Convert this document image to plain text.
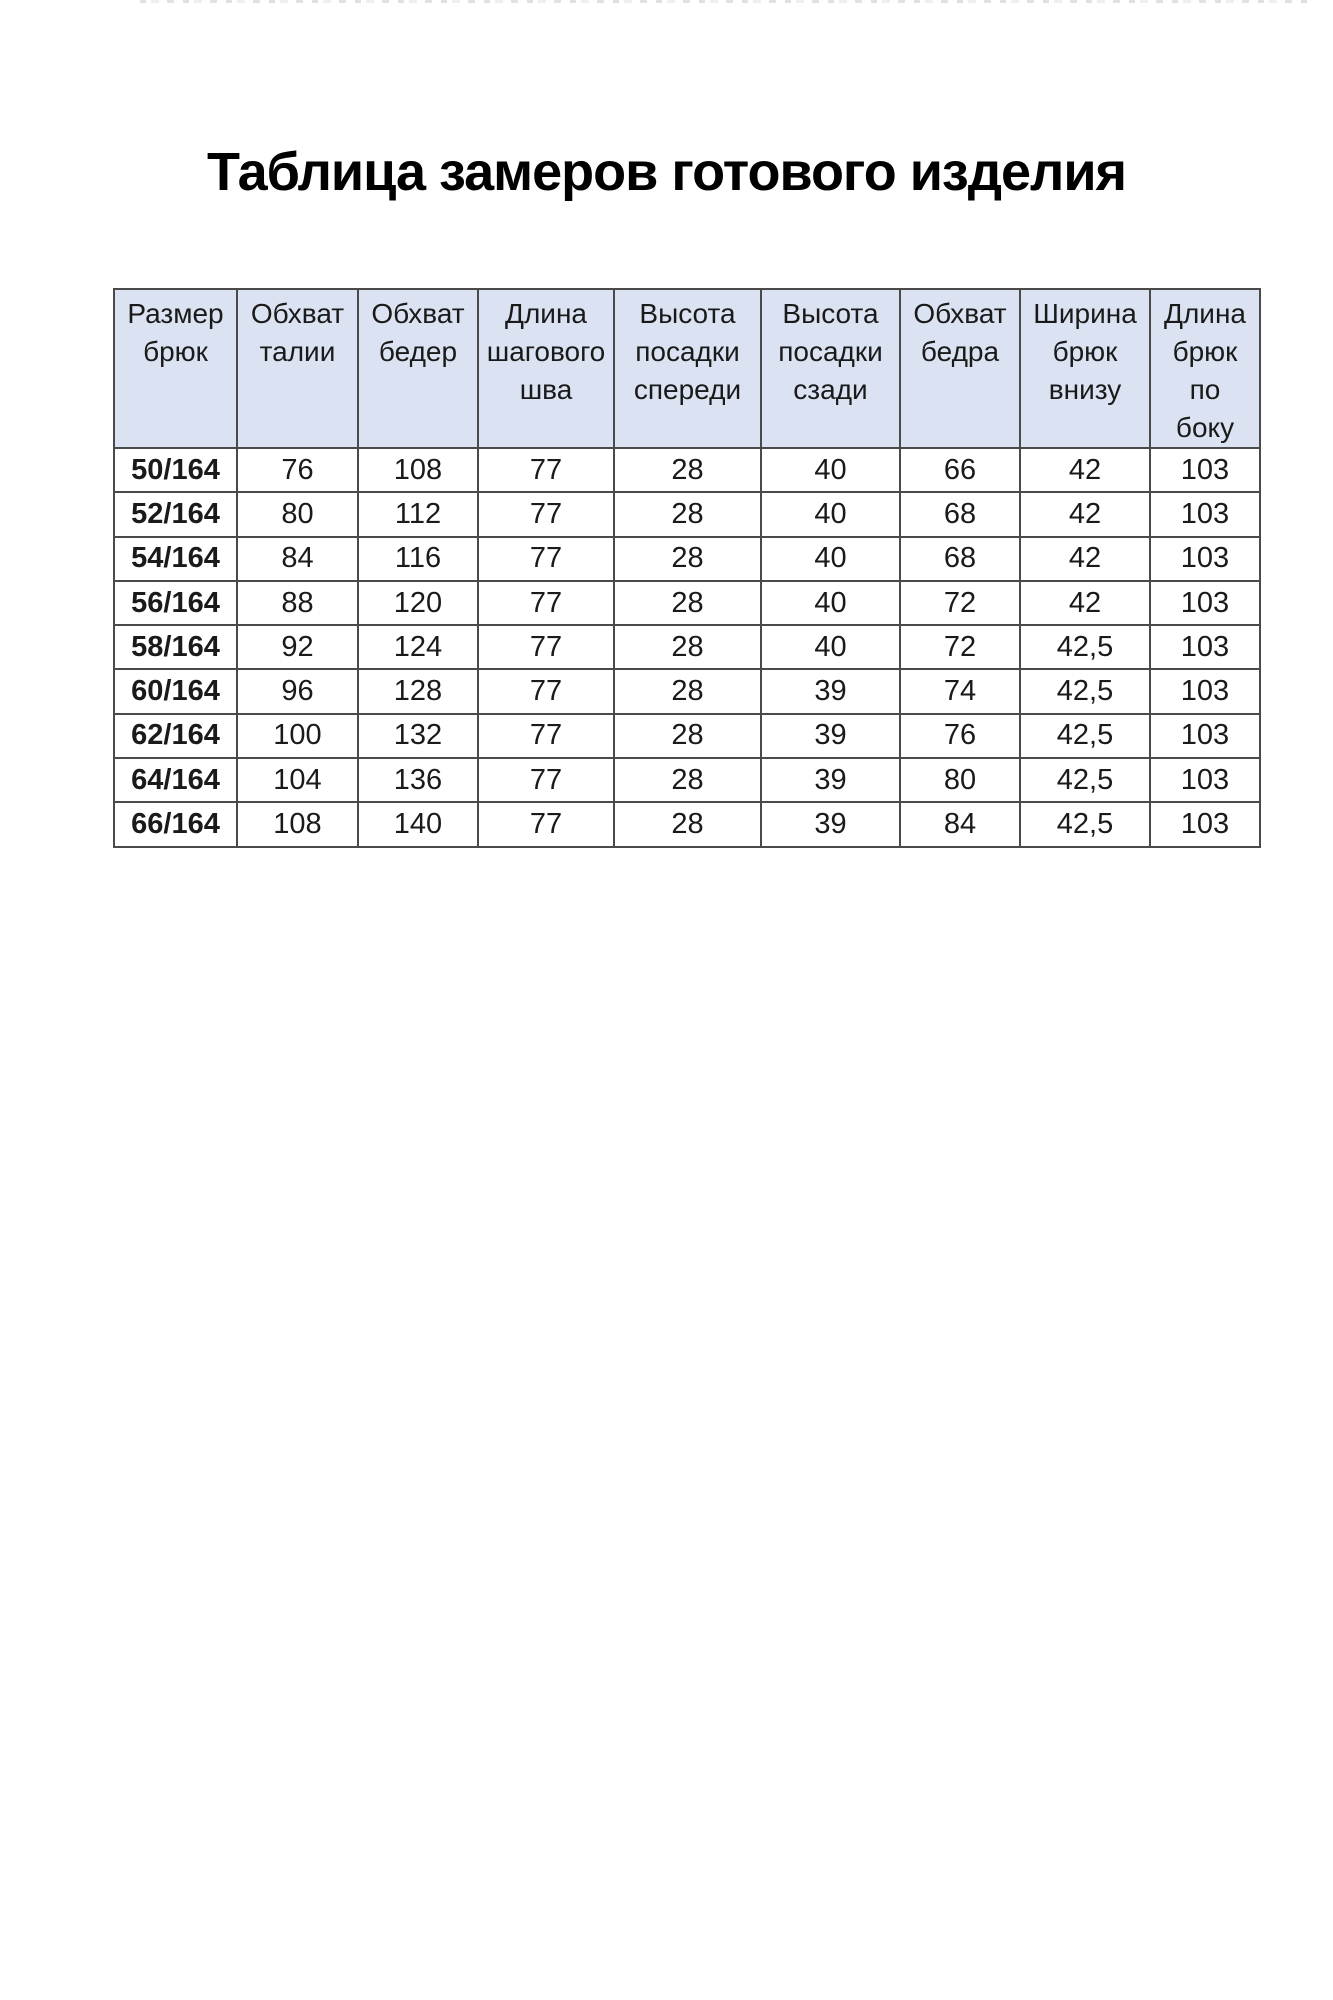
Таблица замеров готового изделия
Размер брюк	Обхват талии	Обхват бедер	Длина шагового шва	Высота посадки спереди	Высота посадки сзади	Обхват бедра	Ширина брюк внизу	Длина брюк по боку
50/164	76	108	77	28	40	66	42	103
52/164	80	112	77	28	40	68	42	103
54/164	84	116	77	28	40	68	42	103
56/164	88	120	77	28	40	72	42	103
58/164	92	124	77	28	40	72	42,5	103
60/164	96	128	77	28	39	74	42,5	103
62/164	100	132	77	28	39	76	42,5	103
64/164	104	136	77	28	39	80	42,5	103
66/164	108	140	77	28	39	84	42,5	103
